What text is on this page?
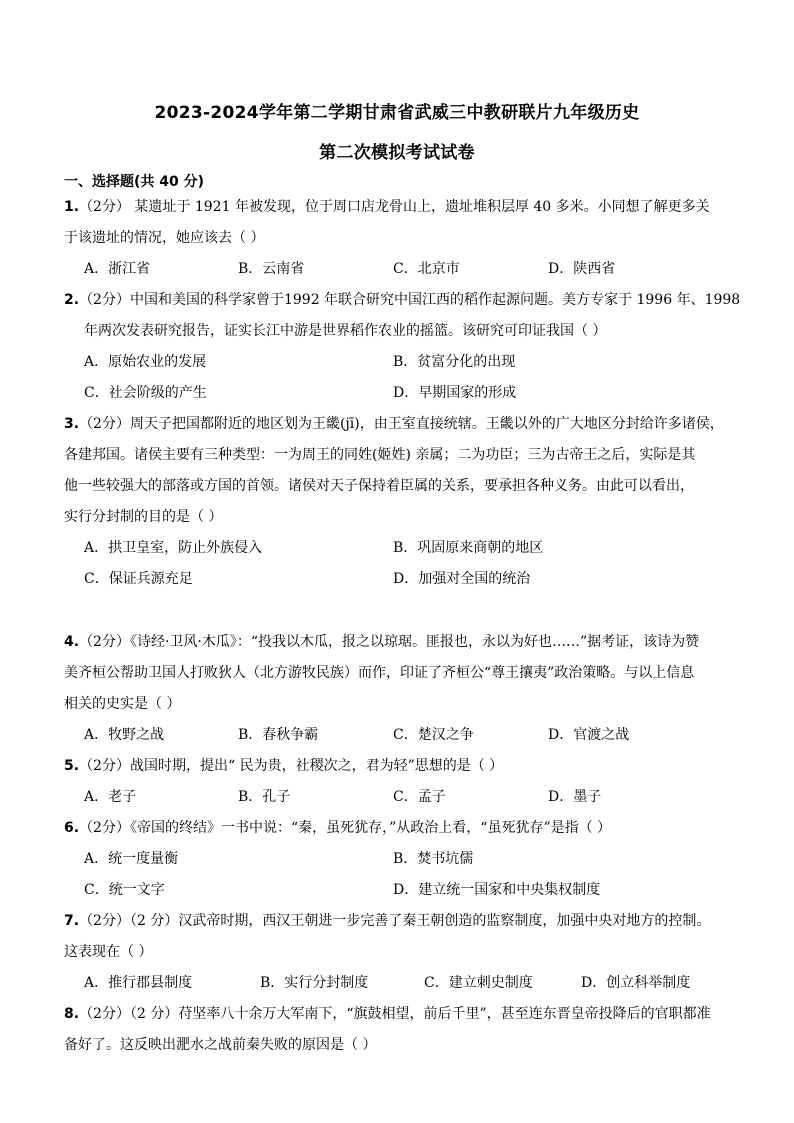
2023-2024学年第二学期甘肃省武威三中教研联片九年级历史
第二次模拟考试试卷
一、选择题(共 40 分)
1.（2分） 某遗址于 1921 年被发现，位于周口店龙骨山上，遗址堆积层厚 40 多米。小同想了解更多关
于该遗址的情况，她应该去（ ）
A．浙江省	B．云南省	C．北京市	D．陕西省
2.（2分）中国和美国的科学家曾于1992 年联合研究中国江西的稻作起源问题。美方专家于 1996 年、1998
年两次发表研究报告，证实长江中游是世界稻作农业的摇篮。该研究可印证我国（ ）
A．原始农业的发展	B．贫富分化的出现
C．社会阶级的产生	D．早期国家的形成
3.（2分）周天子把国都附近的地区划为王畿(jī)，由王室直接统辖。王畿以外的广大地区分封给许多诸侯，
各建邦国。诸侯主要有三种类型：一为周王的同姓(姬姓) 亲属；二为功臣；三为古帝王之后，实际是其
他一些较强大的部落或方国的首领。诸侯对天子保持着臣属的关系，要承担各种义务。由此可以看出，
实行分封制的目的是（ ）
A．拱卫皇室，防止外族侵入	B．巩固原来商朝的地区
C．保证兵源充足	D．加强对全国的统治
4.（2分）《诗经·卫风·木瓜》：“投我以木瓜，报之以琼琚。匪报也，永以为好也……”据考证，该诗为赞
美齐桓公帮助卫国人打败狄人（北方游牧民族）而作，印证了齐桓公“尊王攘夷”政治策略。与以上信息
相关的史实是（ ）
A．牧野之战	B．春秋争霸	C．楚汉之争	D．官渡之战
5.（2分）战国时期，提出“ 民为贵，社稷次之，君为轻”思想的是（ ）
A．老子	B．孔子	C．孟子	D．墨子
6.（2分）《帝国的终结》一书中说：“秦，虽死犹存，”从政治上看，“虽死犹存”是指（ ）
A．统一度量衡	B．焚书坑儒
C．统一文字	D．建立统一国家和中央集权制度
7.（2分）（2 分）汉武帝时期，西汉王朝进一步完善了秦王朝创造的监察制度，加强中央对地方的控制。
这表现在（ ）
A．推行郡县制度	B．实行分封制度	C．建立刺史制度	D．创立科举制度
8.（2分）（2 分）苻坚率八十余万大军南下，“旗鼓相望，前后千里”，甚至连东晋皇帝投降后的官职都准
备好了。这反映出淝水之战前秦失败的原因是（ ）
